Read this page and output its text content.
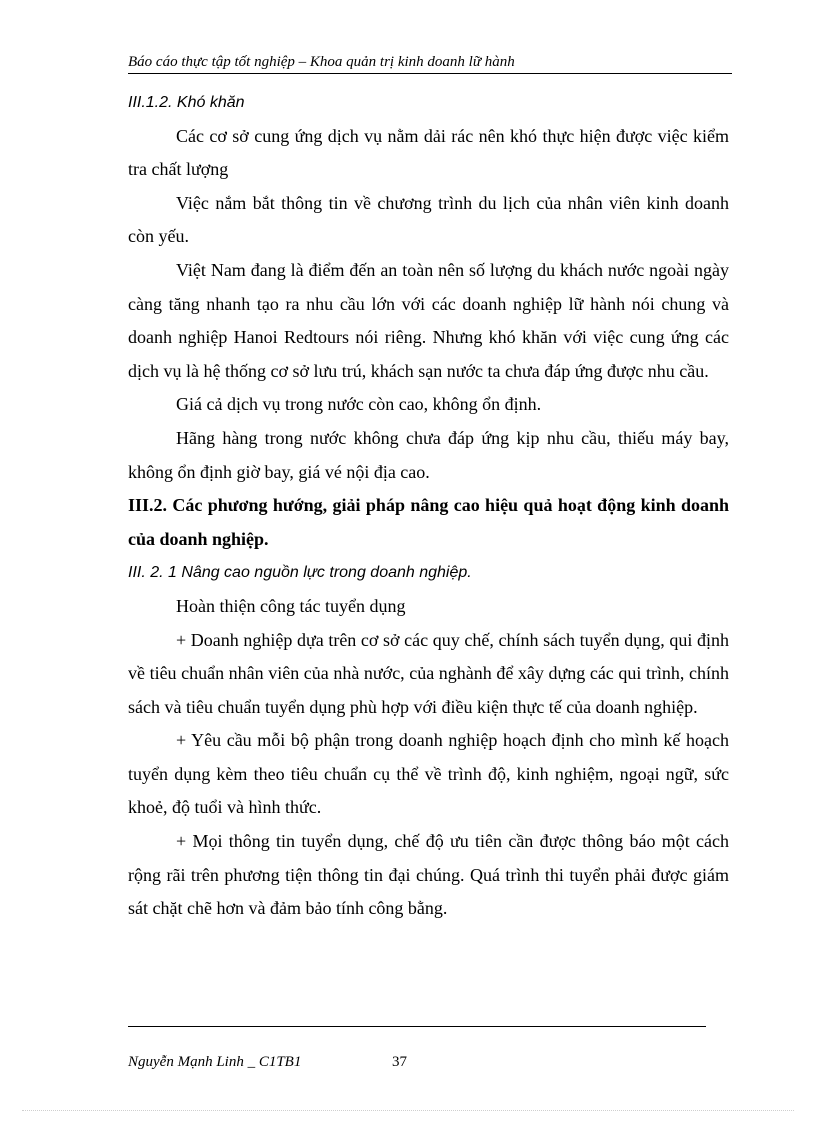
Báo cáo thực tập tốt nghiệp – Khoa quản trị kinh doanh lữ hành

III.1.2. Khó khăn

Các cơ sở cung ứng dịch vụ nằm dải rác nên khó thực hiện được việc kiểm tra chất lượng

Việc nắm bắt thông tin về chương trình du lịch của nhân viên kinh doanh còn yếu.

Việt Nam đang là điểm đến an toàn nên số lượng du khách nước ngoài ngày càng tăng nhanh tạo ra nhu cầu lớn với các doanh nghiệp lữ hành nói chung và doanh nghiệp Hanoi Redtours nói riêng. Nhưng khó khăn với việc cung ứng các dịch vụ là hệ thống cơ sở lưu trú, khách sạn nước ta chưa đáp ứng được nhu cầu.

Giá cả dịch vụ trong nước còn cao, không ổn định.

Hãng hàng trong nước không chưa đáp ứng kịp nhu cầu, thiếu máy bay, không ổn định giờ bay, giá vé nội địa cao.

III.2. Các phương hướng, giải pháp nâng cao hiệu quả hoạt động kinh doanh của doanh nghiệp.

III. 2. 1 Nâng cao nguồn lực trong doanh nghiệp.

Hoàn thiện công tác tuyển dụng

+ Doanh nghiệp dựa trên cơ sở các quy chế, chính sách tuyển dụng, qui định về tiêu chuẩn nhân viên của nhà nước, của nghành để xây dựng các qui trình, chính sách và tiêu chuẩn tuyển dụng phù hợp với điều kiện thực tế của doanh nghiệp.

+ Yêu cầu mỗi bộ phận trong doanh nghiệp hoạch định cho mình kế hoạch tuyển dụng kèm theo tiêu chuẩn cụ thể về trình độ, kinh nghiệm, ngoại ngữ, sức khoẻ, độ tuổi và hình thức.

+ Mọi thông tin tuyển dụng, chế độ ưu tiên cần được thông báo một cách rộng rãi trên phương tiện thông tin đại chúng. Quá trình thi tuyển phải được giám sát chặt chẽ hơn và đảm bảo tính công bằng.

Nguyễn Mạnh Linh _ C1TB1	37
